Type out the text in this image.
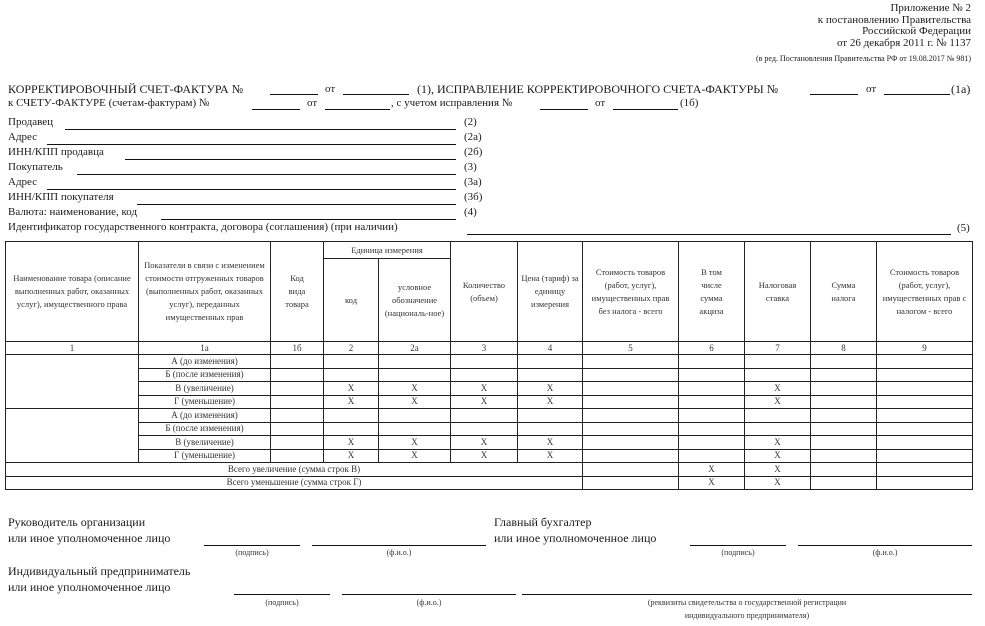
Приложение № 2
к постановлению Правительства
Российской Федерации
от 26 декабря 2011 г. № 1137
(в ред. Постановления Правительства РФ от 19.08.2017 № 981)
КОРРЕКТИРОВОЧНЫЙ СЧЕТ-ФАКТУРА №	от	(1), ИСПРАВЛЕНИЕ КОРРЕКТИРОВОЧНОГО СЧЕТА-ФАКТУРЫ №	от	(1а)
к СЧЕТУ-ФАКТУРЕ (счетам-фактурам) №	от	, с учетом исправления №	от	(1б)
Продавец	(2)
Адрес	(2а)
ИНН/КПП продавца	(2б)
Покупатель	(3)
Адрес	(3а)
ИНН/КПП покупателя	(3б)
Валюта: наименование, код	(4)
Идентификатор государственного контракта, договора (соглашения) (при наличии)	(5)
Наименование товара (описание выполненных работ, оказанных услуг), имущественного права	Показатели в связи с изменением стоимости отгруженных товаров (выполненных работ, оказанных услуг), переданных имущественных прав	Код вида товара	Единица измерения		Количество (объем)	Цена (тариф) за единицу измерения	Стоимость товаров (работ, услуг), имущественных прав без налога - всего	В том числе сумма акциза	Налоговая ставка	Сумма налога	Стоимость товаров (работ, услуг), имущественных прав с налогом - всего
			код	условное обозначение (националь-ное)							
1	1а	1б	2	2а	3	4	5	6	7	8	9
	А (до изменения)										
	Б (после изменения)										
	В (увеличение)		X	X	X	X			X		
	Г (уменьшение)		X	X	X	X			X		
	А (до изменения)										
	Б (после изменения)										
	В (увеличение)		X	X	X	X			X		
	Г (уменьшение)		X	X	X	X			X		
Всего увеличение (сумма строк В)								X	X		
Всего уменьшение (сумма строк Г)								X	X		
Руководитель организации
или иное уполномоченное лицо
(подпись)	(ф.и.о.)
Главный бухгалтер
или иное уполномоченное лицо
(подпись)	(ф.и.о.)
Индивидуальный предприниматель
или иное уполномоченное лицо
(подпись)	(ф.и.о.)	(реквизиты свидетельства о государственной регистрации
индивидуального предпринимателя)
